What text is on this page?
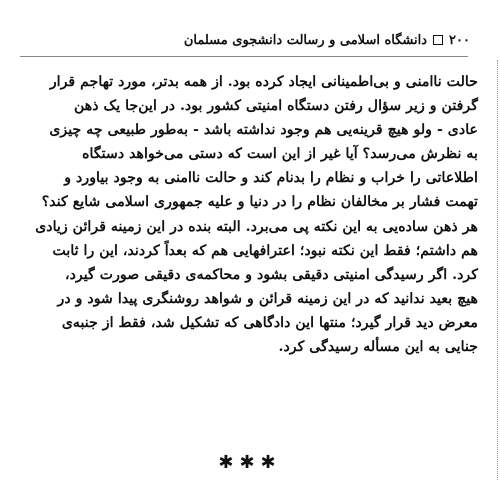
۲۰۰
دانشگاه اسلامی و رسالت دانشجوی مسلمان

حالت ناامنی و بی‌اطمینانی ایجاد کرده بود. از همه بدتر، مورد تهاجم قرار

گرفتن و زیر سؤال رفتن دستگاه امنیتی کشور بود. در این‌جا یک ذهن

عادی - ولو هیچ قرینه‌یی هم وجود نداشته باشد - به‌طور طبیعی چه چیزی

به نظرش می‌رسد؟ آیا غیر از این است که دستی می‌خواهد دستگاه

اطلاعاتی را خراب و نظام را بدنام کند و حالت ناامنی به وجود بیاورد و

تهمت فشار بر مخالفان نظام را در دنیا و علیه جمهوری اسلامی شایع کند؟

هر ذهن ساده‌یی به این نکته پی می‌برد. البته بنده در این زمینه قرائن زیادی

هم داشتم؛ فقط این نکته نبود؛ اعترافهایی هم که بعداً کردند، این را ثابت

کرد. اگر رسیدگی امنیتی دقیقی بشود و محاکمه‌ی دقیقی صورت گیرد،

هیچ بعید ندانید که در این زمینه قرائن و شواهد روشنگری پیدا شود و در

معرض دید قرار گیرد؛ منتها این دادگاهی که تشکیل شد، فقط از جنبه‌ی

جنایی به این مسأله رسیدگی کرد.

✱✱✱
